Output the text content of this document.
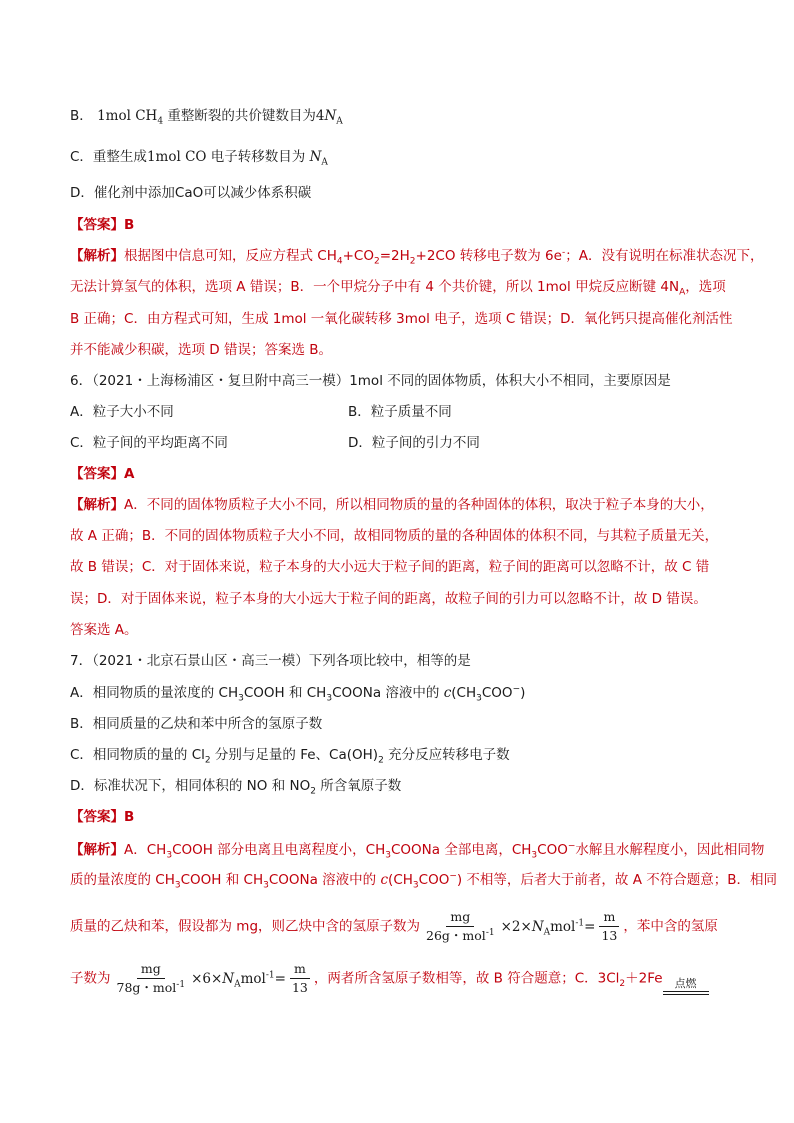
B． 1mol $CH_4$ 重整断裂的共价键数目为$4N_A$
C．重整生成1mol CO 电子转移数目为 $N_A$
D．催化剂中添加CaO可以减少体系积碳
【答案】B
【解析】根据图中信息可知，反应方程式 $CH_4+CO_2=2H_2+2CO$ 转移电子数为 6e-；A．没有说明在标准状态况下，
无法计算氢气的体积，选项 A 错误；B．一个甲烷分子中有 4 个共价键，所以 1mol 甲烷反应断键 $4N_A$，选项
B 正确；C．由方程式可知，生成 1mol 一氧化碳转移 3mol 电子，选项 C 错误；D．氧化钙只提高催化剂活性
并不能减少积碳，选项 D 错误；答案选 B。
6．（2021・上海杨浦区・复旦附中高三一模）1mol 不同的固体物质，体积大小不相同，主要原因是
A．粒子大小不同	B．粒子质量不同
C．粒子间的平均距离不同	D．粒子间的引力不同
【答案】A
【解析】A．不同的固体物质粒子大小不同，所以相同物质的量的各种固体的体积，取决于粒子本身的大小，
故 A 正确；B．不同的固体物质粒子大小不同，故相同物质的量的各种固体的体积不同，与其粒子质量无关，
故 B 错误；C．对于固体来说，粒子本身的大小远大于粒子间的距离，粒子间的距离可以忽略不计，故 C 错
误；D．对于固体来说，粒子本身的大小远大于粒子间的距离，故粒子间的引力可以忽略不计，故 D 错误。
答案选 A。
7．（2021・北京石景山区・高三一模）下列各项比较中，相等的是
A．相同物质的量浓度的 $CH_3COOH$ 和 $CH_3COONa$ 溶液中的 $c(CH_3COO^-)$
B．相同质量的乙炔和苯中所含的氢原子数
C．相同物质的量的 $Cl_2$ 分别与足量的 Fe、$Ca(OH)_2$ 充分反应转移电子数
D．标准状况下，相同体积的 NO 和 $NO_2$ 所含氧原子数
【答案】B
【解析】A．$CH_3COOH$ 部分电离且电离程度小，$CH_3COONa$ 全部电离，$CH_3COO^-$水解且水解程度小，因此相同物
质的量浓度的 $CH_3COOH$ 和 $CH_3COONa$ 溶液中的 $c(CH_3COO^-)$ 不相等，后者大于前者，故 A 不符合题意；B．相同
质量的乙炔和苯，假设都为 mg，则乙炔中含的氢原子数为 $\frac{mg}{26g・mol^{-1}} \times 2\times N_Amol^{-1}= \frac{m}{13}$ ，苯中含的氢原
子数为 $\frac{mg}{78g・mol^{-1}} \times 6\times N_Amol^{-1}= \frac{m}{13}$ ，两者所含氢原子数相等，故 B 符合题意；C．$3Cl_2+2Fe$	点燃
